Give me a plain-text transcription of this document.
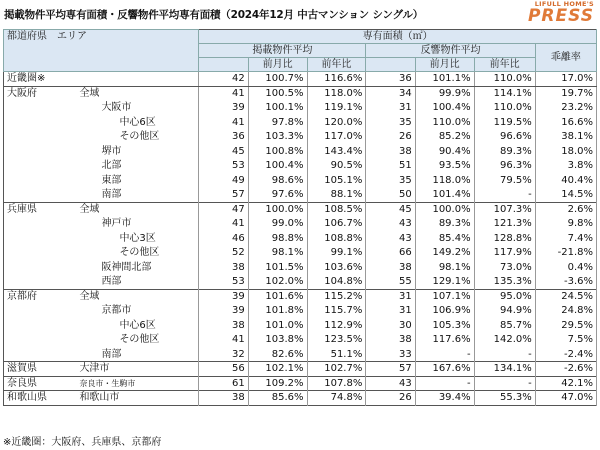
掲載物件平均専有面積・反響物件平均専有面積（2024年12月 中古マンション シングル）
LIFULL HOME'S
PRESS
都道府県　エリア		専有面積（㎡）						
		掲載物件平均			反響物件平均			乖離率
			前月比	前年比		前月比	前年比	
近畿圏※		42	100.7%	116.6%	36	101.1%	110.0%	17.0%
大阪府	全域	41	100.5%	118.0%	34	99.9%	114.1%	19.7%
	大阪市	39	100.1%	119.1%	31	100.4%	110.0%	23.2%
	中心6区	41	97.8%	120.0%	35	110.0%	119.5%	16.6%
	その他区	36	103.3%	117.0%	26	85.2%	96.6%	38.1%
	堺市	45	100.8%	143.4%	38	90.4%	89.3%	18.0%
	北部	53	100.4%	90.5%	51	93.5%	96.3%	3.8%
	東部	49	98.6%	105.1%	35	118.0%	79.5%	40.4%
	南部	57	97.6%	88.1%	50	101.4%	-	14.5%
兵庫県	全域	47	100.0%	108.5%	45	100.0%	107.3%	2.6%
	神戸市	41	99.0%	106.7%	43	89.3%	121.3%	9.8%
	中心3区	46	98.8%	108.8%	43	85.4%	128.8%	7.4%
	その他区	52	98.1%	99.1%	66	149.2%	117.9%	-21.8%
	阪神間北部	38	101.5%	103.6%	38	98.1%	73.0%	0.4%
	西部	53	102.0%	104.8%	55	129.1%	135.3%	-3.6%
京都府	全域	39	101.6%	115.2%	31	107.1%	95.0%	24.5%
	京都市	39	101.8%	115.7%	31	106.9%	94.9%	24.8%
	中心6区	38	101.0%	112.9%	30	105.3%	85.7%	29.5%
	その他区	41	103.8%	123.5%	38	117.6%	142.0%	7.5%
	南部	32	82.6%	51.1%	33	-	-	-2.4%
滋賀県	大津市	56	102.1%	102.7%	57	167.6%	134.1%	-2.6%
奈良県	奈良市・生駒市	61	109.2%	107.8%	43	-	-	42.1%
和歌山県	和歌山市	38	85.6%	74.8%	26	39.4%	55.3%	47.0%
※近畿圏：大阪府、兵庫県、京都府
